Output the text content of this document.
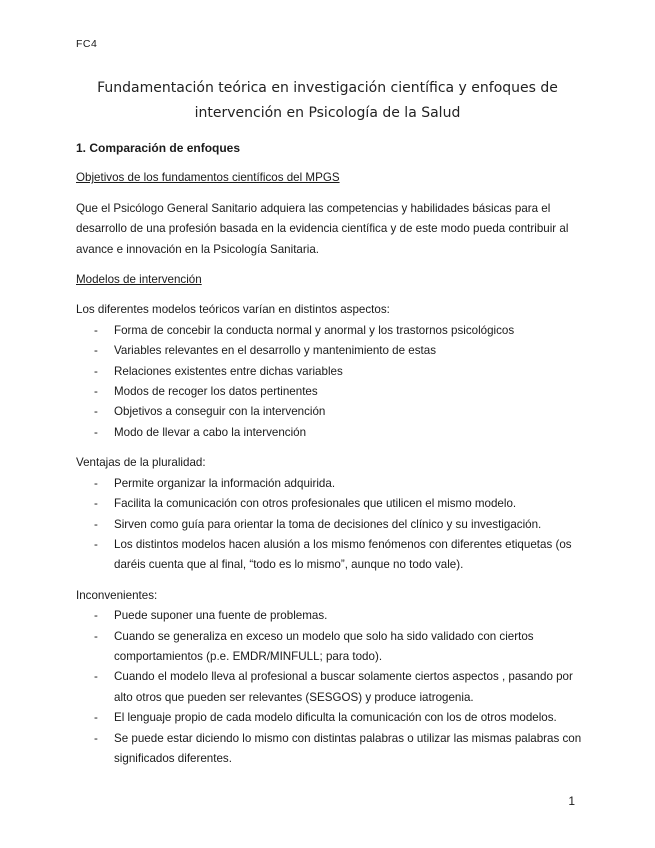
FC4
Fundamentación teórica en investigación científica y enfoques de intervención en Psicología de la Salud
1. Comparación de enfoques
Objetivos de los fundamentos científicos del MPGS

Que el Psicólogo General Sanitario adquiera las competencias y habilidades básicas para el desarrollo de una profesión basada en la evidencia científica y de este modo pueda contribuir al avance e innovación en la Psicología Sanitaria.

Modelos de intervención

Los diferentes modelos teóricos varían en distintos aspectos:

- Forma de concebir la conducta normal y anormal y los trastornos psicológicos
- Variables relevantes en el desarrollo y mantenimiento de estas
- Relaciones existentes entre dichas variables
- Modos de recoger los datos pertinentes
- Objetivos a conseguir con la intervención
- Modo de llevar a cabo la intervención

Ventajas de la pluralidad:

- Permite organizar la información adquirida.
- Facilita la comunicación con otros profesionales que utilicen el mismo modelo.
- Sirven como guía para orientar la toma de decisiones del clínico y su investigación.
- Los distintos modelos hacen alusión a los mismo fenómenos con diferentes etiquetas (os daréis cuenta que al final, “todo es lo mismo”, aunque no todo vale).

Inconvenientes:

- Puede suponer una fuente de problemas.
- Cuando se generaliza en exceso un modelo que solo ha sido validado con ciertos comportamientos (p.e. EMDR/MINFULL; para todo).
- Cuando el modelo lleva al profesional a buscar solamente ciertos aspectos , pasando por alto otros que pueden ser relevantes (SESGOS) y produce iatrogenia.
- El lenguaje propio de cada modelo dificulta la comunicación con los de otros modelos.
- Se puede estar diciendo lo mismo con distintas palabras o utilizar las mismas palabras con significados diferentes.
1
